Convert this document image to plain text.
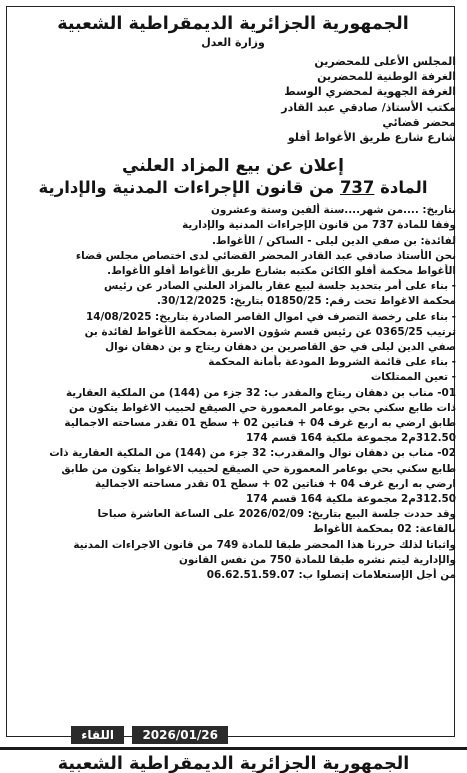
الجمهورية الجزائرية الديمقراطية الشعبية

وزارة العدل

المجلس الأعلى للمحضرين

الغرفة الوطنية للمحضرين

الغرفة الجهوية لمحضري الوسط

مكتب الأستاذ/ صادقي عبد القادر

محضر قضائي

شارع شارع طريق الأغواط أفلو

إعلان عن بيع المزاد العلني

المادة 737 من قانون الإجراءات المدنية والإدارية

بتاريخ: ....من شهر....سنة ألفين وستة وعشرون

وفقا للمادة 737 من قانون الإجراءات المدنية والإدارية

لفائدة: بن صفي الدين ليلى - الساكن / الأغواط.

نحن الأستاذ صادقي عبد القادر المحضر القضائي لدى اختصاص مجلس قضاء

الأغواط محكمة أفلو الكائن مكتبه بشارع طريق الأغواط أفلو الأغواط.

- بناء على أمر بتحديد جلسة لبيع عقار بالمزاد العلني الصادر عن رئيس

محكمة الاغواط تحت رقم: 01850/25 بتاريخ: 30/12/2025.

- بناء على رخصة التصرف في اموال القاصر الصادرة بتاريخ: 14/08/2025

ترتيب 0365/25 عن رئيس قسم شؤون الاسرة بمحكمة الأغواط لفائدة بن

صفي الدين ليلى في حق القاصرين بن دهقان ريتاج و بن دهقان نوال

- بناء على قائمة الشروط المودعة بأمانة المحكمة

- تعين الممتلكات

01- مناب بن دهقان ريتاج والمقدر ب: 32 جزء من (144) من الملكية العقارية

ذات طابع سكني بحي بوعامر المعمورة حي الصيقع لحبيب الاغواط يتكون من

طابق ارضي به اربع غرف 04 + فناتين 02 + سطح 01 تقدر مساحته الاجمالية

312.50م2 مجموعة ملكية 164 قسم 174

02- مناب بن دهقان نوال والمقدرب: 32 جزء من (144) من الملكية العقارية ذات

طابع سكني بحي بوعامر المعمورة حي الصيقع لحبيب الاغواط يتكون من طابق

ارضي به اربع غرف 04 + فناتين 02 + سطح 01 تقدر مساحته الاجمالية

312.50م2 مجموعة ملكية 164 قسم 174

وقد حددت جلسة البيع بتاريخ: 2026/02/09 على الساعة العاشرة صباحا

بالقاعة: 02 بمحكمة الأغواط

واثباتا لذلك حررنا هذا المحضر طبقا للمادة 749 من قانون الاجراءات المدنية

والإدارية ليتم نشره طبقا للمادة 750 من نفس القانون

من أجل الإستعلامات إتصلوا ب: 06.62.51.59.07

اللقاء	2026/01/26
الجمهورية الجزائرية الديمقراطية الشعبية
